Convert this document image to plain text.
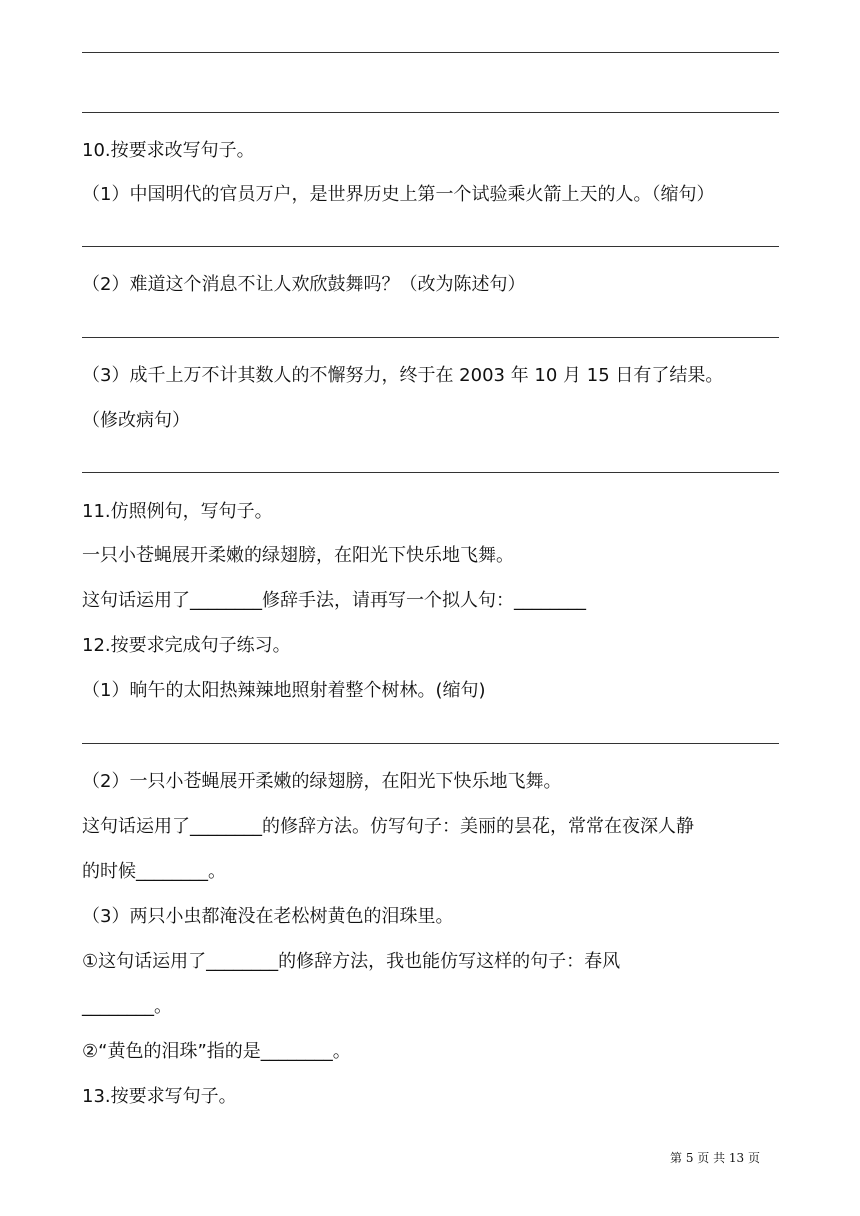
10.按要求改写句子。
（1）中国明代的官员万户，是世界历史上第一个试验乘火箭上天的人。（缩句）
（2）难道这个消息不让人欢欣鼓舞吗？（改为陈述句）
（3）成千上万不计其数人的不懈努力，终于在 2003 年 10 月 15 日有了结果。
（修改病句）
11.仿照例句，写句子。
一只小苍蝇展开柔嫩的绿翅膀，在阳光下快乐地飞舞。
这句话运用了________修辞手法，请再写一个拟人句：________
12.按要求完成句子练习。
（1）晌午的太阳热辣辣地照射着整个树林。(缩句)
（2）一只小苍蝇展开柔嫩的绿翅膀，在阳光下快乐地飞舞。
这句话运用了________的修辞方法。仿写句子：美丽的昙花，常常在夜深人静
的时候________。
（3）两只小虫都淹没在老松树黄色的泪珠里。
①这句话运用了________的修辞方法，我也能仿写这样的句子：春风
________。
②“黄色的泪珠”指的是________。
13.按要求写句子。
第 5 页 共 13 页
